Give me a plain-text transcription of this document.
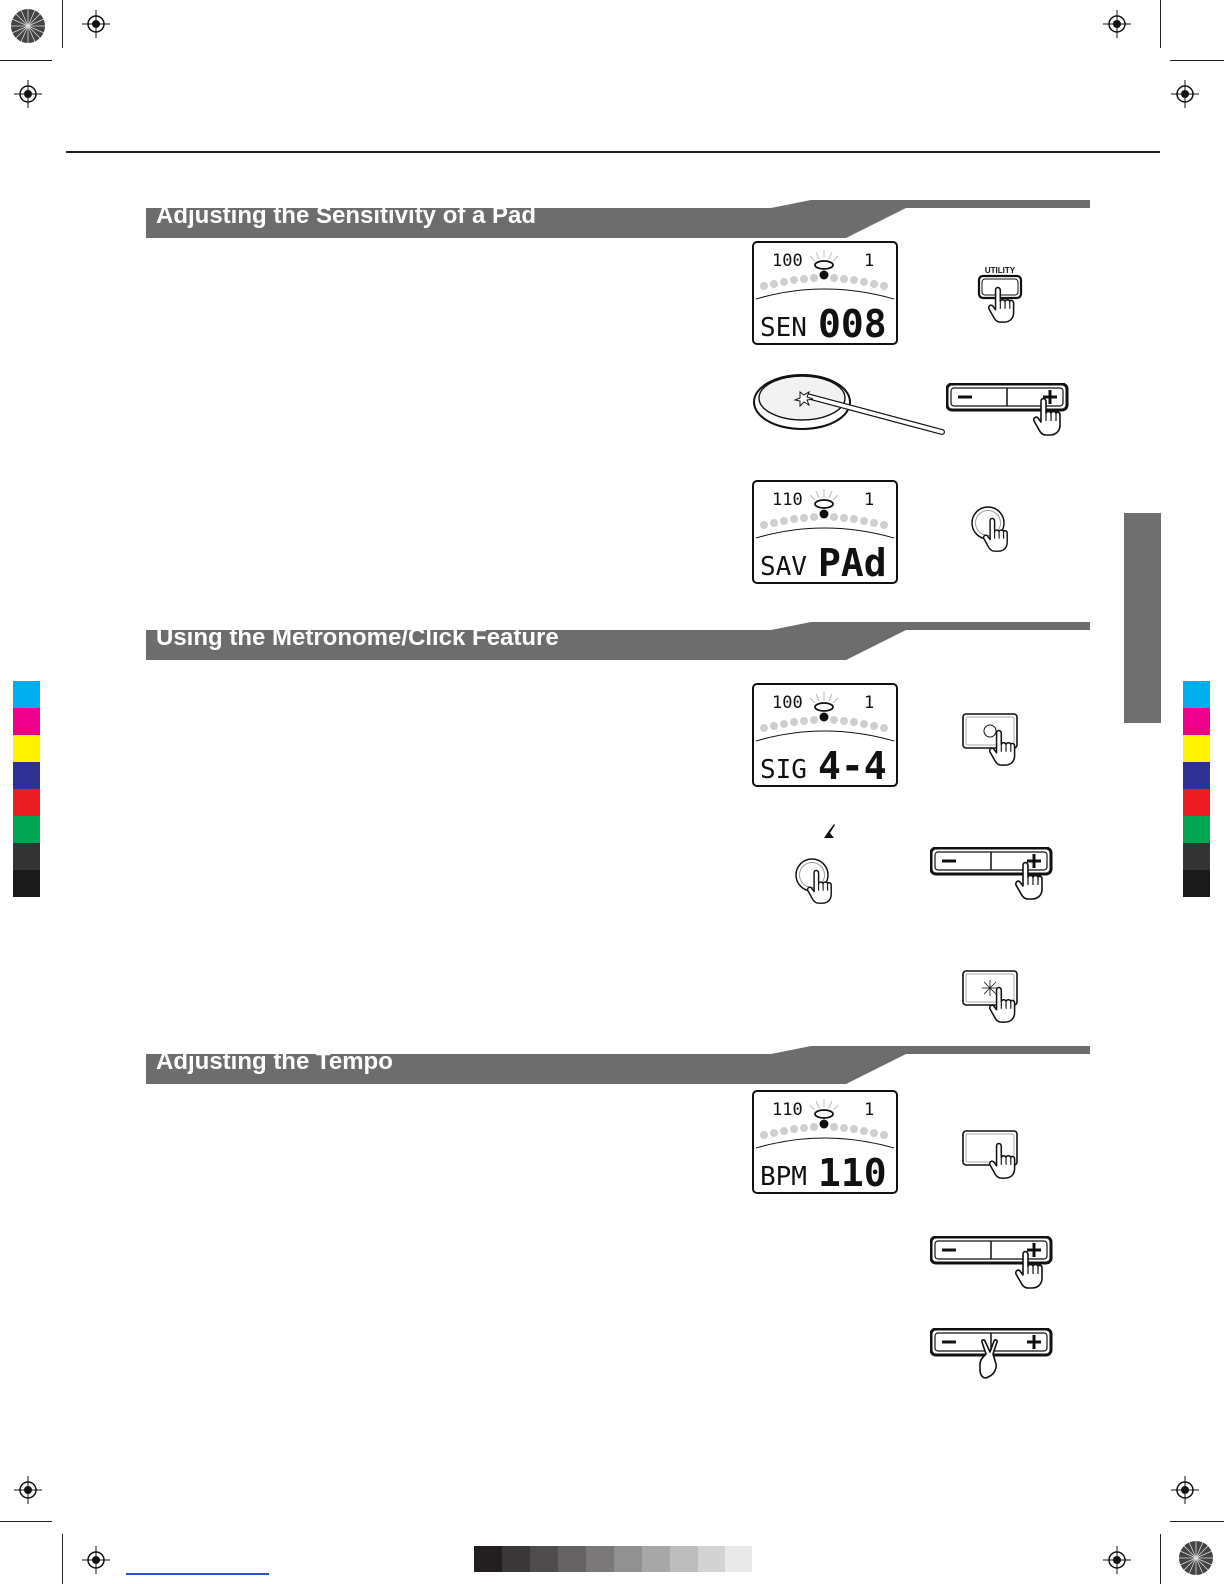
Adjusting the Sensitivity of a Pad
100	1
SEN 008
UTILITY
110	1
SAV PAd
Using the Metronome/Click Feature
100	1
SIG 4-4
Adjusting the Tempo
110	1
BPM 110
